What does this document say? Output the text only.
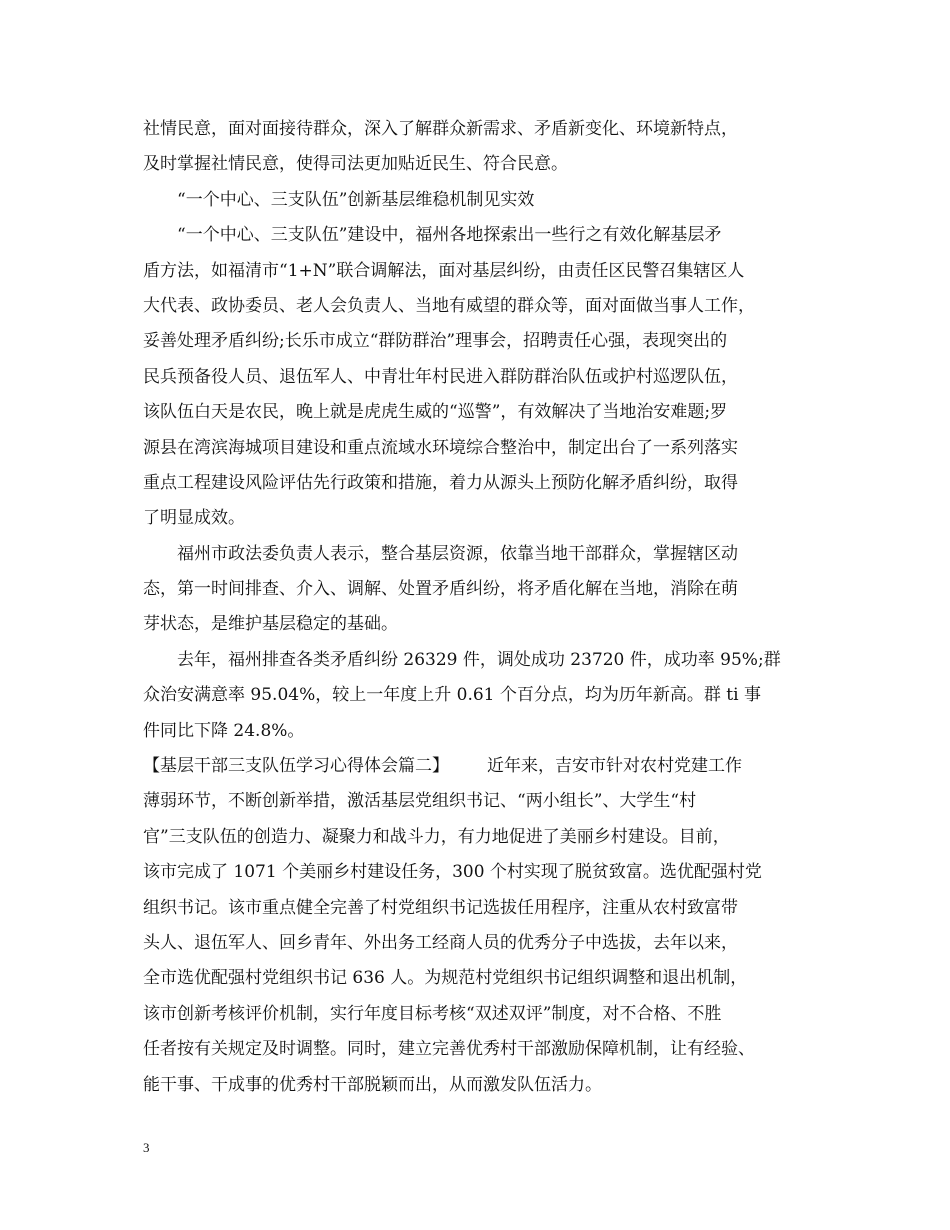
社情民意，面对面接待群众，深入了解群众新需求、矛盾新变化、环境新特点，
及时掌握社情民意，使得司法更加贴近民生、符合民意。
“一个中心、三支队伍”创新基层维稳机制见实效
“一个中心、三支队伍”建设中，福州各地探索出一些行之有效化解基层矛
盾方法，如福清市“1+N”联合调解法，面对基层纠纷，由责任区民警召集辖区人
大代表、政协委员、老人会负责人、当地有威望的群众等，面对面做当事人工作，
妥善处理矛盾纠纷;长乐市成立“群防群治”理事会，招聘责任心强，表现突出的
民兵预备役人员、退伍军人、中青壮年村民进入群防群治队伍或护村巡逻队伍，
该队伍白天是农民，晚上就是虎虎生威的“巡警”，有效解决了当地治安难题;罗
源县在湾滨海城项目建设和重点流域水环境综合整治中，制定出台了一系列落实
重点工程建设风险评估先行政策和措施，着力从源头上预防化解矛盾纠纷，取得
了明显成效。
福州市政法委负责人表示，整合基层资源，依靠当地干部群众，掌握辖区动
态，第一时间排查、介入、调解、处置矛盾纠纷，将矛盾化解在当地，消除在萌
芽状态，是维护基层稳定的基础。
去年，福州排查各类矛盾纠纷 26329 件，调处成功 23720 件，成功率 95%;群
众治安满意率 95.04%，较上一年度上升 0.61 个百分点，均为历年新高。群 ti 事
件同比下降 24.8%。
【基层干部三支队伍学习心得体会篇二】 近年来，吉安市针对农村党建工作
薄弱环节，不断创新举措，激活基层党组织书记、“两小组长”、大学生“村
官”三支队伍的创造力、凝聚力和战斗力，有力地促进了美丽乡村建设。目前，
该市完成了 1071 个美丽乡村建设任务，300 个村实现了脱贫致富。选优配强村党
组织书记。该市重点健全完善了村党组织书记选拔任用程序，注重从农村致富带
头人、退伍军人、回乡青年、外出务工经商人员的优秀分子中选拔，去年以来，
全市选优配强村党组织书记 636 人。为规范村党组织书记组织调整和退出机制，
该市创新考核评价机制，实行年度目标考核“双述双评”制度，对不合格、不胜
任者按有关规定及时调整。同时，建立完善优秀村干部激励保障机制，让有经验、
能干事、干成事的优秀村干部脱颖而出，从而激发队伍活力。
3
